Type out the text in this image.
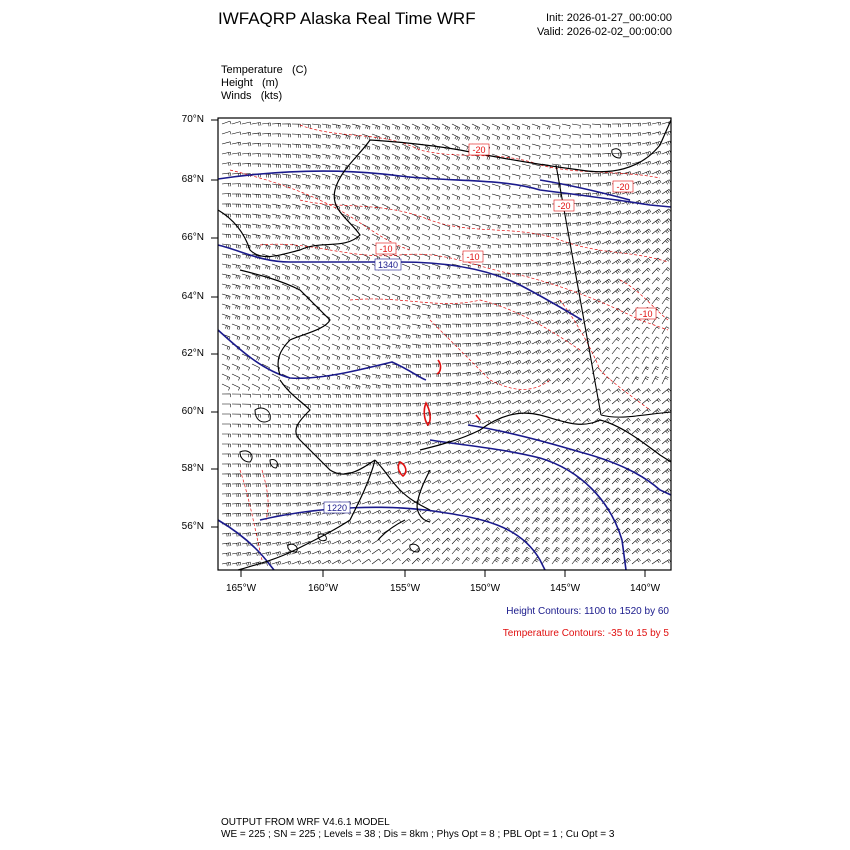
IWFAQRP Alaska Real Time WRF	Init: 2026-01-27_00:00:00
Valid: 2026-02-02_00:00:00
Temperature (C)
Height (m)
Winds (kts)
1340
1220
-20
-20
-20
-10
-10
-10
70°N
68°N
66°N
64°N
62°N
60°N
58°N
56°N
165°W	160°W	155°W	150°W	145°W	140°W
Height Contours: 1100 to 1520 by 60
Temperature Contours: -35 to 15 by 5
OUTPUT FROM WRF V4.6.1 MODEL
WE = 225 ; SN = 225 ; Levels = 38 ; Dis = 8km ; Phys Opt = 8 ; PBL Opt = 1 ; Cu Opt = 3
